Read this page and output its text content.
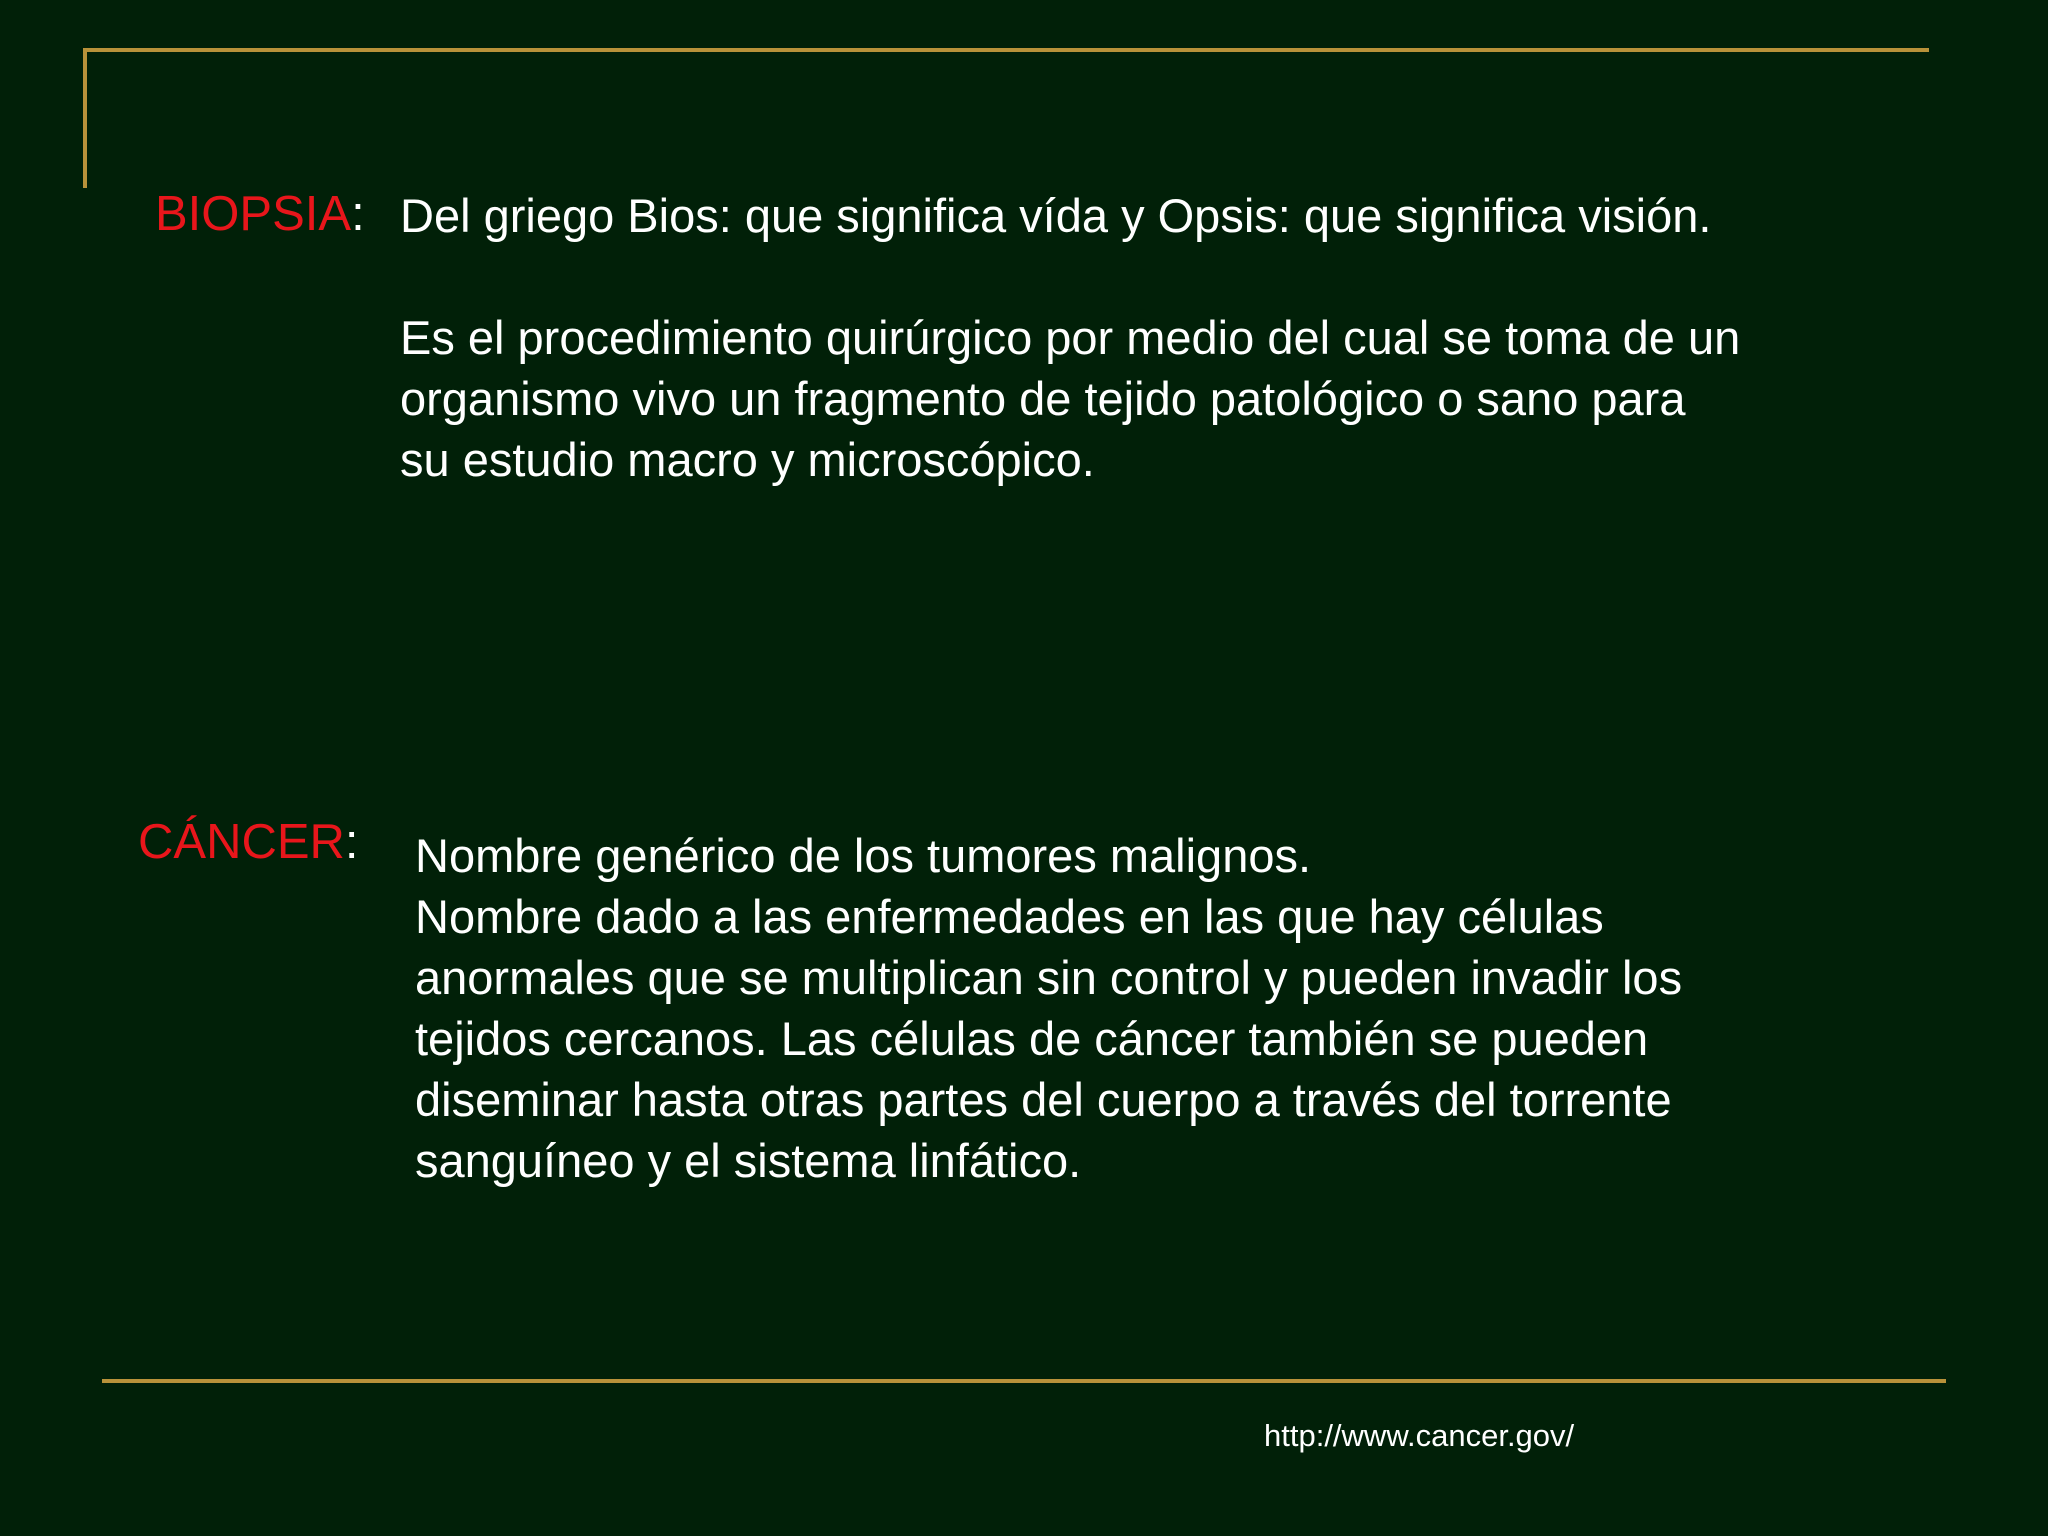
BIOPSIA: Del griego Bios: que significa vída y Opsis: que significa visión.

Es el procedimiento quirúrgico por medio del cual se toma de un

organismo vivo un fragmento de tejido patológico o sano para

su estudio macro y microscópico.

CÁNCER: Nombre genérico de los tumores malignos.

Nombre dado a las enfermedades en las que hay células

anormales que se multiplican sin control y pueden invadir los

tejidos cercanos. Las células de cáncer también se pueden

diseminar hasta otras partes del cuerpo a través del torrente

sanguíneo y el sistema linfático.

http://www.cancer.gov/
